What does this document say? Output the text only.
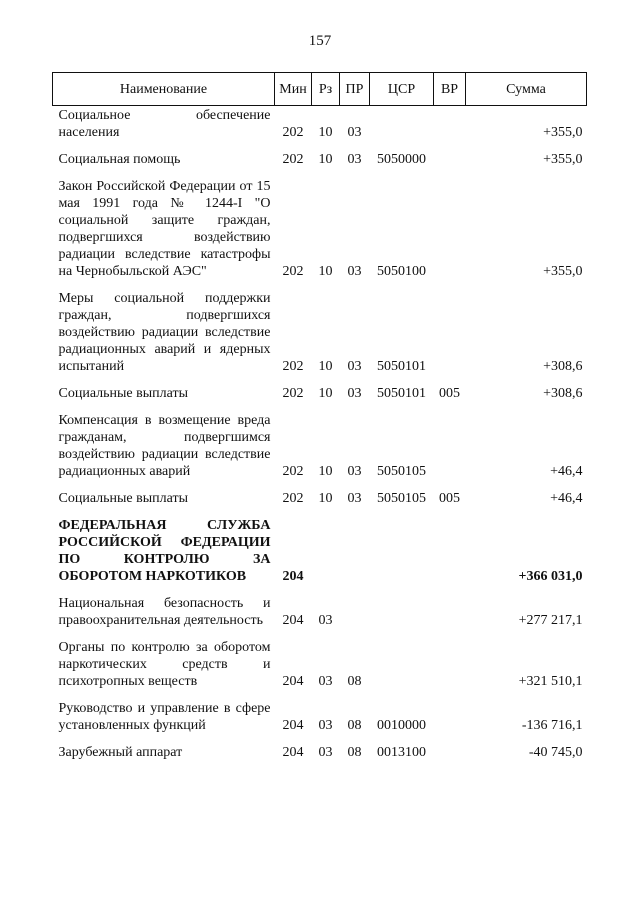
157
Наименование	Мин	Рз	ПР	ЦСР	ВР	Сумма
Социальное обеспечение населения	202	10	03			+355,0
Социальная помощь	202	10	03	5050000		+355,0
Закон Российской Федерации от 15 мая 1991 года № 1244-I "О социальной защите граждан, подвергшихся воздействию радиации вследствие катастрофы на Чернобыльской АЭС"	202	10	03	5050100		+355,0
Меры социальной поддержки граждан, подвергшихся воздействию радиации вследствие радиационных аварий и ядерных испытаний	202	10	03	5050101		+308,6
Социальные выплаты	202	10	03	5050101	005	+308,6
Компенсация в возмещение вреда гражданам, подвергшимся воздействию радиации вследствие радиационных аварий	202	10	03	5050105		+46,4
Социальные выплаты	202	10	03	5050105	005	+46,4
ФЕДЕРАЛЬНАЯ СЛУЖБА РОССИЙСКОЙ ФЕДЕРАЦИИ ПО КОНТРОЛЮ ЗА ОБОРОТОМ НАРКОТИКОВ	204					+366 031,0
Национальная безопасность и правоохранительная деятельность	204	03				+277 217,1
Органы по контролю за оборотом наркотических средств и психотропных веществ	204	03	08			+321 510,1
Руководство и управление в сфере установленных функций	204	03	08	0010000		-136 716,1
Зарубежный аппарат	204	03	08	0013100		-40 745,0
